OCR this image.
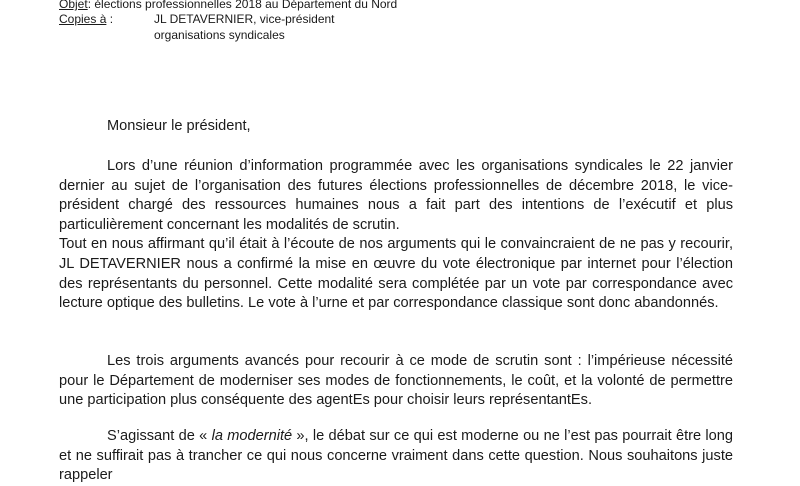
Objet: élections professionnelles 2018 au Département du Nord
Copies à :	JL DETAVERNIER, vice-président
organisations syndicales
Monsieur le président,

Lors d’une réunion d’information programmée avec les organisations syndicales le 22 janvier dernier au sujet de l’organisation des futures élections professionnelles de décembre 2018, le vice-président chargé des ressources humaines nous a fait part des intentions de l’exécutif et plus particulièrement concernant les modalités de scrutin.

Tout en nous affirmant qu’il était à l’écoute de nos arguments qui le convaincraient de ne pas y recourir, JL DETAVERNIER nous a confirmé la mise en œuvre du vote électronique par internet pour l’élection des représentants du personnel. Cette modalité sera complétée par un vote par correspondance avec lecture optique des bulletins. Le vote à l’urne et par correspondance classique sont donc abandonnés.

Les trois arguments avancés pour recourir à ce mode de scrutin sont : l’impérieuse nécessité pour le Département de moderniser ses modes de fonctionnements, le coût, et la volonté de permettre une participation plus conséquente des agentEs pour choisir leurs représentantEs.

S’agissant de « la modernité », le débat sur ce qui est moderne ou ne l’est pas pourrait être long et ne suffirait pas à trancher ce qui nous concerne vraiment dans cette question. Nous souhaitons juste rappeler
